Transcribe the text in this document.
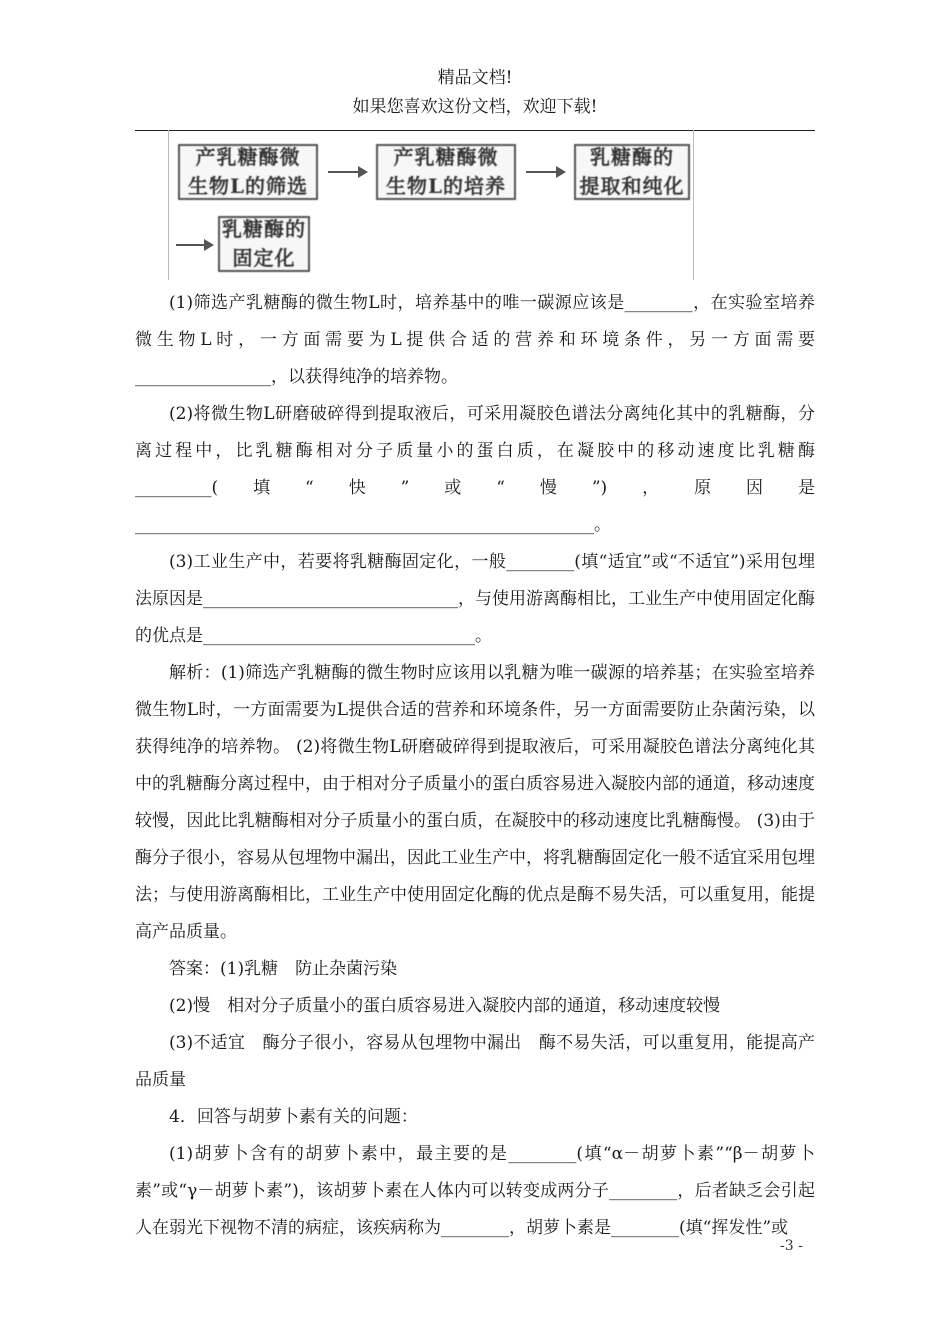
精品文档!
如果您喜欢这份文档，欢迎下载!
产乳糖酶微
生物L的筛选
产乳糖酶微
生物L的培养
乳糖酶的
提取和纯化
乳糖酶的
固定化

(1)筛选产乳糖酶的微生物L时，培养基中的唯一碳源应该是________，在实验室培养微生物L时，一方面需要为L提供合适的营养和环境条件，另一方面需要________________，以获得纯净的培养物。

(2)将微生物L研磨破碎得到提取液后，可采用凝胶色谱法分离纯化其中的乳糖酶，分离过程中，比乳糖酶相对分子质量小的蛋白质，在凝胶中的移动速度比乳糖酶_________(填“快”或“慢”)，原因是______________________________________________________。

(3)工业生产中，若要将乳糖酶固定化，一般________(填“适宜”或“不适宜”)采用包埋法原因是______________________________，与使用游离酶相比，工业生产中使用固定化酶的优点是________________________________。

解析：(1)筛选产乳糖酶的微生物时应该用以乳糖为唯一碳源的培养基；在实验室培养微生物L时，一方面需要为L提供合适的营养和环境条件，另一方面需要防止杂菌污染，以获得纯净的培养物。 (2)将微生物L研磨破碎得到提取液后，可采用凝胶色谱法分离纯化其中的乳糖酶分离过程中，由于相对分子质量小的蛋白质容易进入凝胶内部的通道，移动速度较慢，因此比乳糖酶相对分子质量小的蛋白质，在凝胶中的移动速度比乳糖酶慢。 (3)由于酶分子很小，容易从包埋物中漏出，因此工业生产中，将乳糖酶固定化一般不适宜采用包埋法；与使用游离酶相比，工业生产中使用固定化酶的优点是酶不易失活，可以重复用，能提高产品质量。

答案：(1)乳糖　防止杂菌污染

(2)慢　相对分子质量小的蛋白质容易进入凝胶内部的通道，移动速度较慢

(3)不适宜　酶分子很小，容易从包埋物中漏出　酶不易失活，可以重复用，能提高产品质量

4．回答与胡萝卜素有关的问题：

(1)胡萝卜含有的胡萝卜素中，最主要的是________(填“α－胡萝卜素”“β－胡萝卜素”或“γ－胡萝卜素”)，该胡萝卜素在人体内可以转变成两分子________，后者缺乏会引起人在弱光下视物不清的病症，该疾病称为________，胡萝卜素是________(填“挥发性”或

-3 -
